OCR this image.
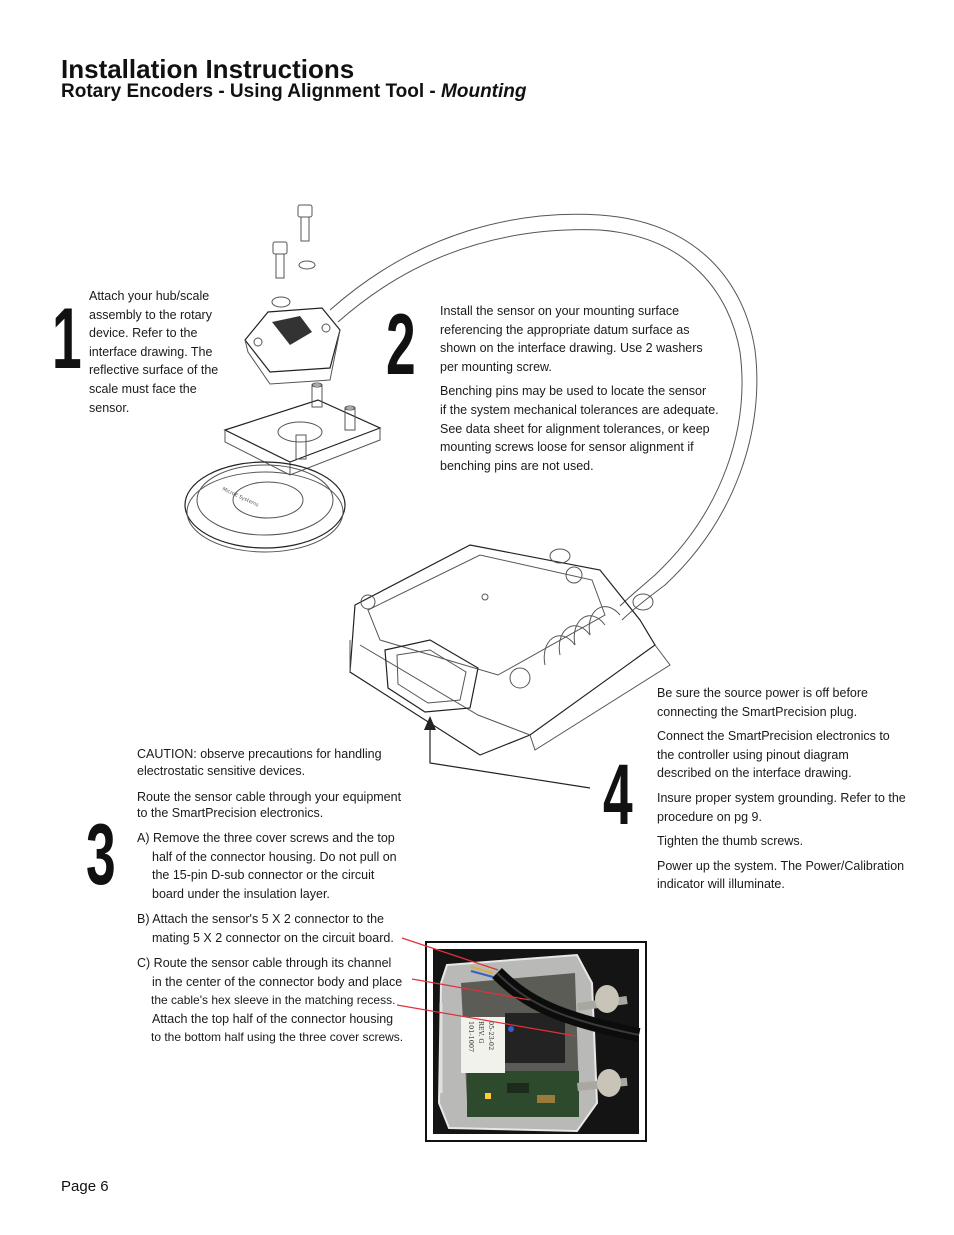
Installation Instructions
Rotary Encoders - Using Alignment Tool - Mounting
MicroE Systems
1 Attach your hub/scale
assembly to the rotary
device. Refer to the
interface drawing. The
reflective surface of the
scale must face the sensor.
2 Install the sensor on your mounting surface
referencing the appropriate datum surface as
shown on the interface drawing. Use 2 washers
per mounting screw.

Benching pins may be used to locate the sensor
if the system mechanical tolerances are adequate.
See data sheet for alignment tolerances, or keep
mounting screws loose for sensor alignment if
benching pins are not used.

3
CAUTION: observe precautions for handling
electrostatic sensitive devices.
Route the sensor cable through your equipment
to the SmartPrecision electronics.
A) Remove the three cover screws and the top
half of the connector housing. Do not pull on
the 15-pin D-sub connector or the circuit
board under the insulation layer.
B) Attach the sensor's 5 X 2 connector to the
mating 5 X 2 connector on the circuit board.
C) Route the sensor cable through its channel
in the center of the connector body and place
the cable's hex sleeve in the matching recess.
Attach the top half of the connector housing
to the bottom half using the three cover screws.
4

Be sure the source power is off before
connecting the SmartPrecision plug.

Connect the SmartPrecision electronics to
the controller using pinout diagram
described on the interface drawing.

Insure proper system grounding. Refer to the
procedure on pg 9.

Tighten the thumb screws.

Power up the system. The Power/Calibration
indicator will illuminate.

101-1007 REV. G 05-23-02
Page 6
